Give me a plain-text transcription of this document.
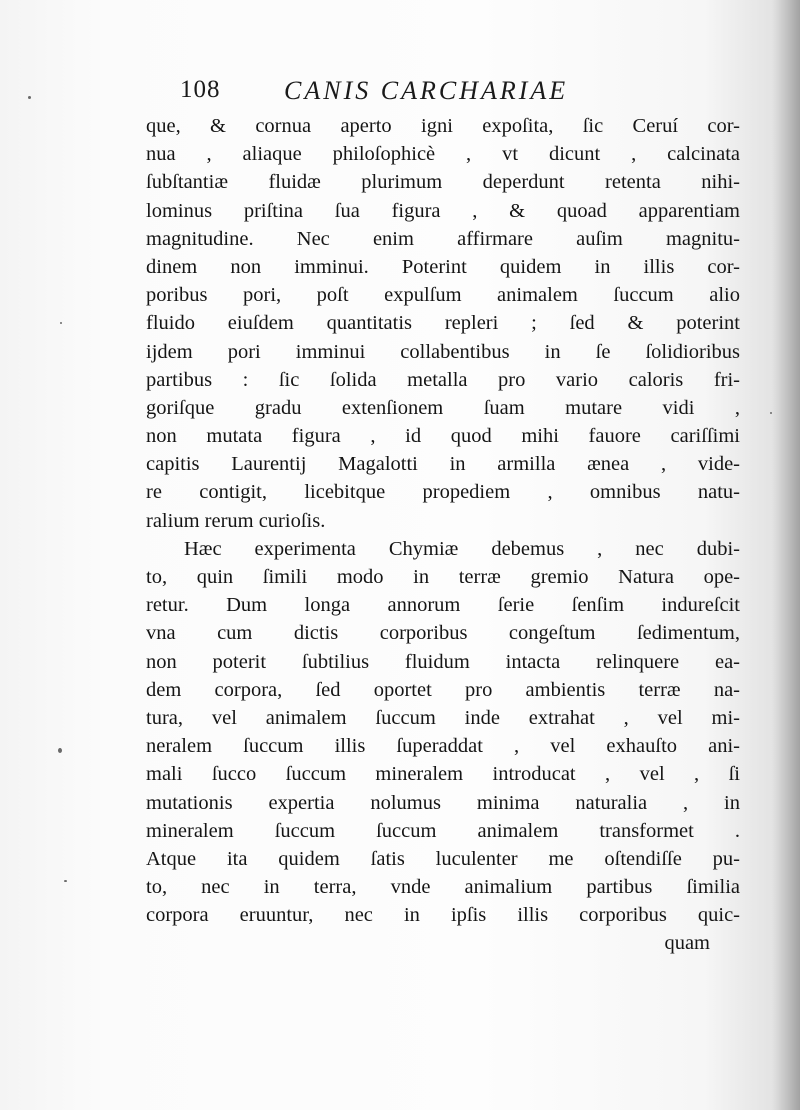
108 CANIS CARCHARIAE
que, & cornua aperto igni expoſita, ſic Ceruí cor-
nua , aliaque philoſophicè , vt dicunt , calcinata
ſubſtantiæ fluidæ plurimum deperdunt retenta nihi-
lominus priſtina ſua figura , & quoad apparentiam
magnitudine. Nec enim affirmare auſim magnitu-
dinem non imminui. Poterint quidem in illis cor-
poribus pori, poſt expulſum animalem ſuccum alio
fluido eiuſdem quantitatis repleri ; ſed & poterint
ijdem pori imminui collabentibus in ſe ſolidioribus
partibus : ſic ſolida metalla pro vario caloris fri-
goriſque gradu extenſionem ſuam mutare vidi ,
non mutata figura , id quod mihi fauore cariſſimi
capitis Laurentij Magalotti in armilla ænea , vide-
re contigit, licebitque propediem , omnibus natu-
ralium rerum curioſis.
Hæc experimenta Chymiæ debemus , nec dubi-
to, quin ſimili modo in terræ gremio Natura ope-
retur. Dum longa annorum ſerie ſenſim indureſcit
vna cum dictis corporibus congeſtum ſedimentum,
non poterit ſubtilius fluidum intacta relinquere ea-
dem corpora, ſed oportet pro ambientis terræ na-
tura, vel animalem ſuccum inde extrahat , vel mi-
neralem ſuccum illis ſuperaddat , vel exhauſto ani-
mali ſucco ſuccum mineralem introducat , vel , ſi
mutationis expertia nolumus minima naturalia , in
mineralem ſuccum ſuccum animalem transformet .
Atque ita quidem ſatis luculenter me oſtendiſſe pu-
to, nec in terra, vnde animalium partibus ſimilia
corpora eruuntur, nec in ipſis illis corporibus quic-
quam
